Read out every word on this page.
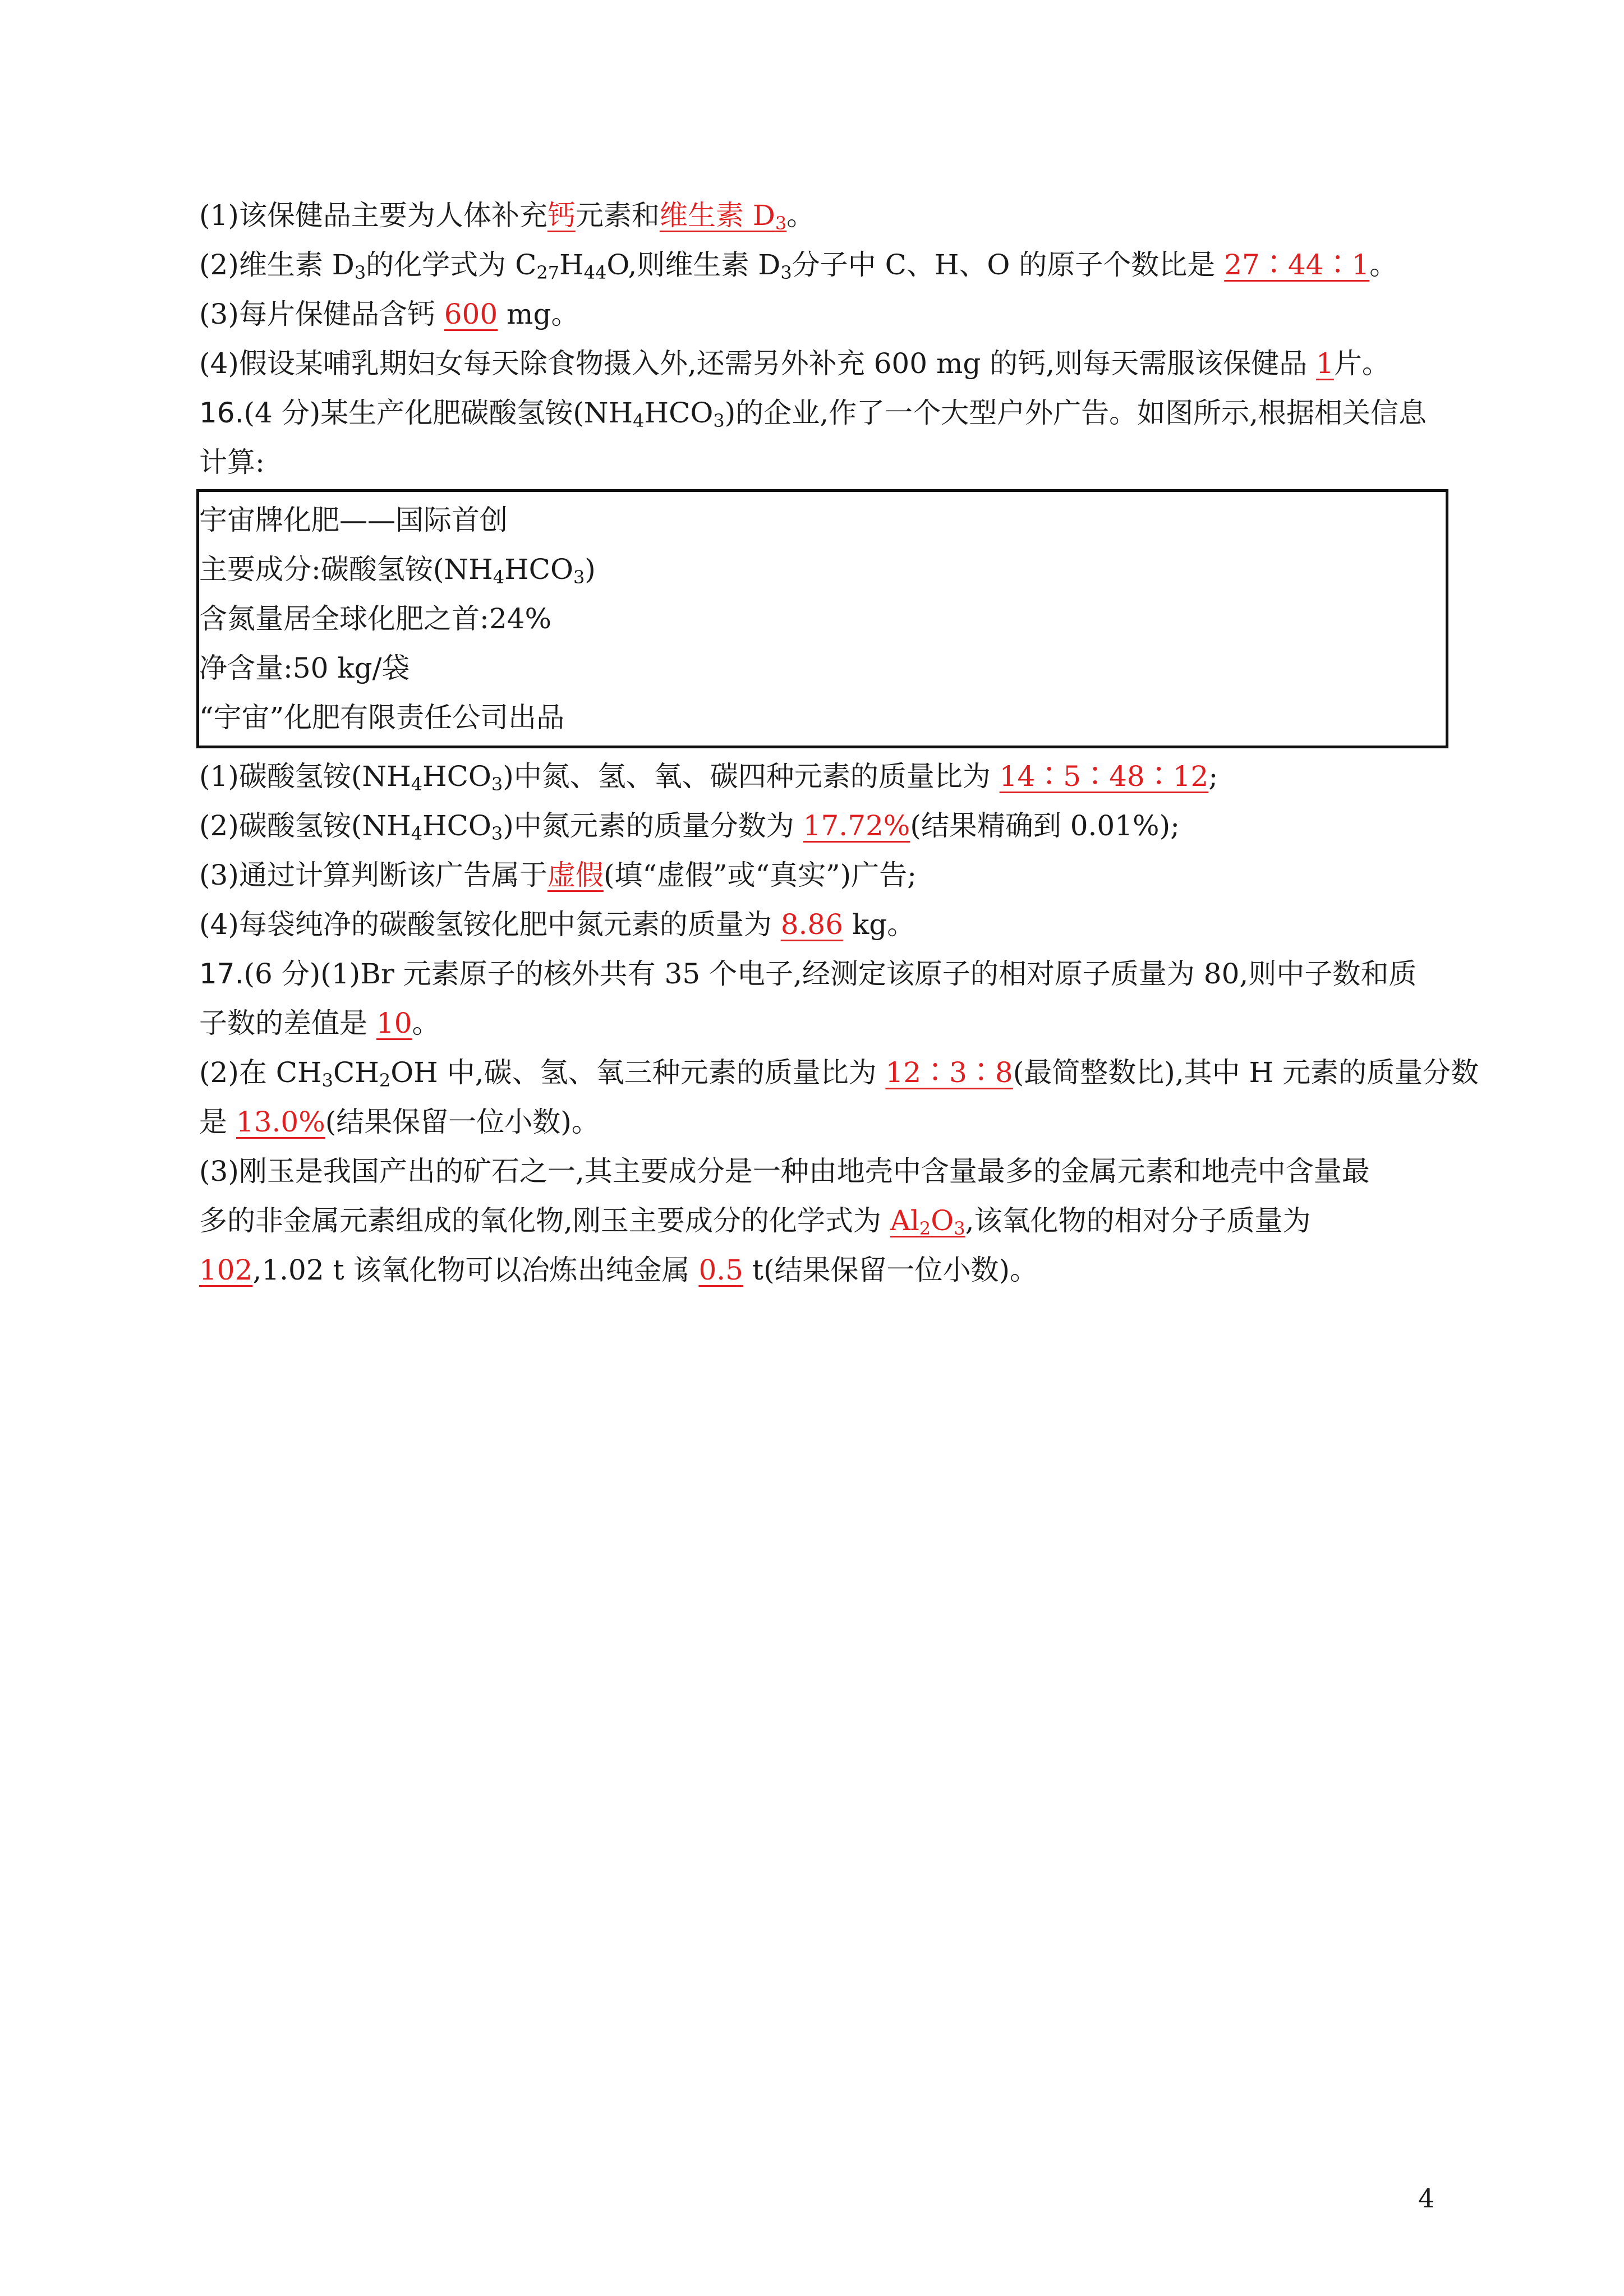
(1)该保健品主要为人体补充钙元素和维生素 $D_3$。
(2)维生素 $D_3$的化学式为 $C_{27}H_{44}O$,则维生素 $D_3$分子中 C、H、O 的原子个数比是 27∶44∶1。
(3)每片保健品含钙 600 mg。
(4)假设某哺乳期妇女每天除食物摄入外,还需另外补充 600 mg 的钙,则每天需服该保健品 1片。
16.(4 分)某生产化肥碳酸氢铵$(NH_4HCO_3)$的企业,作了一个大型户外广告。如图所示,根据相关信息
计算:
宇宙牌化肥——国际首创
主要成分:碳酸氢铵$(NH_4HCO_3)$
含氮量居全球化肥之首:24%
净含量:50 kg/袋
“宇宙”化肥有限责任公司出品
(1)碳酸氢铵$(NH_4HCO_3)$中氮、氢、氧、碳四种元素的质量比为 14∶5∶48∶12;
(2)碳酸氢铵$(NH_4HCO_3)$中氮元素的质量分数为 17.72%(结果精确到 0.01%);
(3)通过计算判断该广告属于虚假(填“虚假”或“真实”)广告;
(4)每袋纯净的碳酸氢铵化肥中氮元素的质量为 8.86 kg。
17.(6 分)(1)Br 元素原子的核外共有 35 个电子,经测定该原子的相对原子质量为 80,则中子数和质
子数的差值是 10。
(2)在 $CH_3CH_2OH$ 中,碳、氢、氧三种元素的质量比为 12∶3∶8(最简整数比),其中 H 元素的质量分数
是 13.0%(结果保留一位小数)。
(3)刚玉是我国产出的矿石之一,其主要成分是一种由地壳中含量最多的金属元素和地壳中含量最
多的非金属元素组成的氧化物,刚玉主要成分的化学式为 $Al_2O_3$,该氧化物的相对分子质量为
102,1.02 t 该氧化物可以冶炼出纯金属 0.5 t(结果保留一位小数)。
4
